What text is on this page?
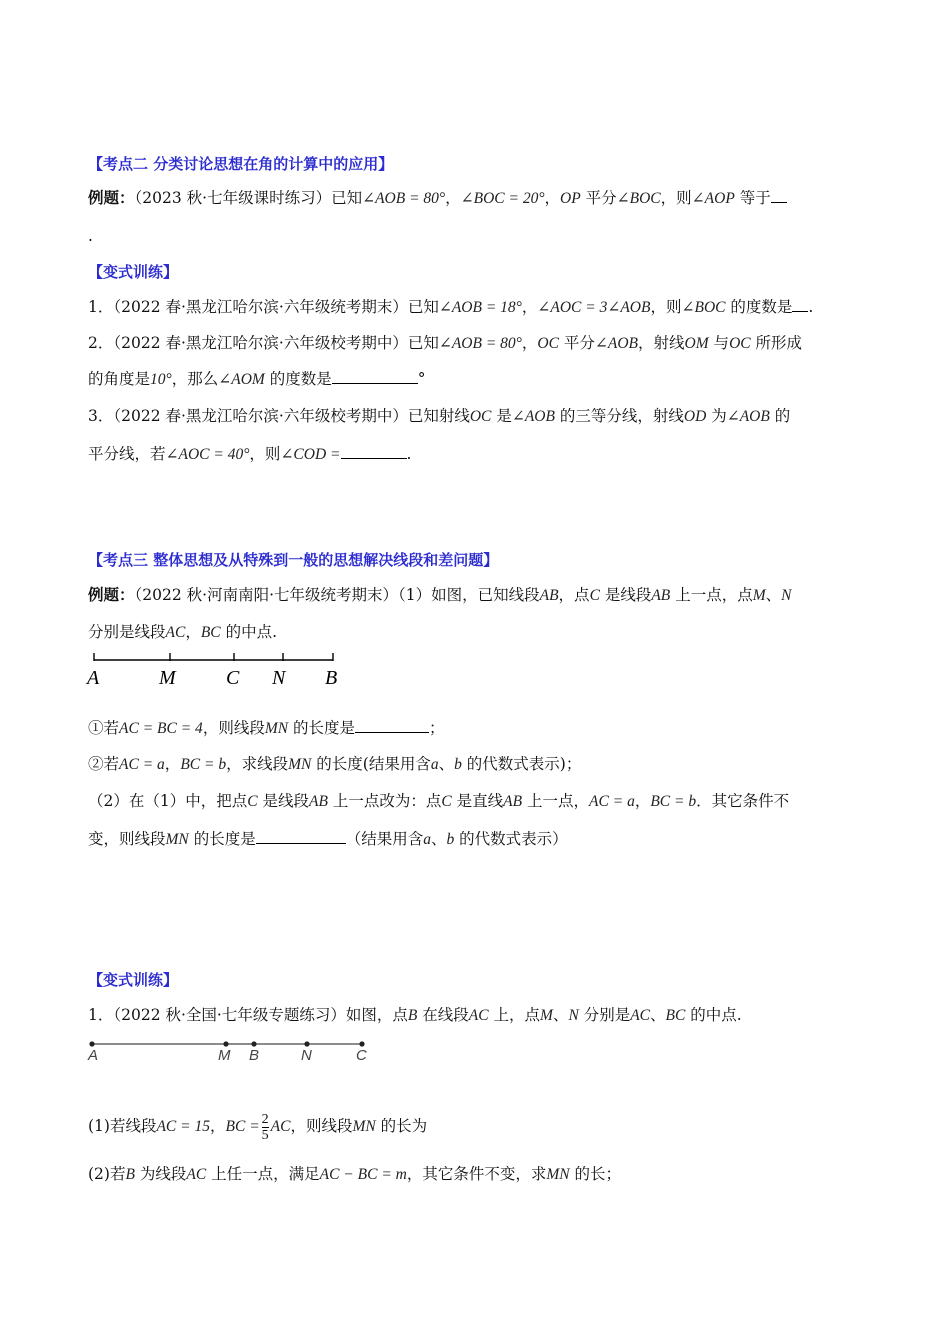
【考点二 分类讨论思想在角的计算中的应用】
例题：（2023 秋·七年级课时练习）已知∠AOB = 80°，∠BOC = 20°，OP 平分∠BOC，则∠AOP 等于
.
【变式训练】
1．（2022 春·黑龙江哈尔滨·六年级统考期末）已知∠AOB = 18°，∠AOC = 3∠AOB，则∠BOC 的度数是 .
2．（2022 春·黑龙江哈尔滨·六年级校考期中）已知∠AOB = 80°，OC 平分∠AOB，射线OM 与OC 所形成
的角度是10°，那么∠AOM 的度数是	°
3．（2022 春·黑龙江哈尔滨·六年级校考期中）已知射线OC 是∠AOB 的三等分线，射线OD 为∠AOB 的
平分线，若∠AOC = 40°，则∠COD =	.
【考点三 整体思想及从特殊到一般的思想解决线段和差问题】
例题：（2022 秋·河南南阳·七年级统考期末）（1）如图，已知线段AB，点C 是线段AB 上一点，点M、N
分别是线段AC，BC 的中点.
A	M	C N B
①若AC = BC = 4，则线段MN 的长度是	；
②若AC = a，BC = b，求线段MN 的长度(结果用含a、b 的代数式表示)；
（2）在（1）中，把点C 是线段AB 上一点改为：点C 是直线AB 上一点，AC = a，BC = b．其它条件不
变，则线段MN 的长度是	（结果用含a、b 的代数式表示）
【变式训练】
1．（2022 秋·全国·七年级专题练习）如图，点B 在线段AC 上，点M、N 分别是AC、BC 的中点.
A	M B	N	C
(1)若线段AC = 15，BC = $\frac{2}{5}$ AC，则线段MN 的长为
(2)若B 为线段AC 上任一点，满足AC − BC = m，其它条件不变，求MN 的长；
